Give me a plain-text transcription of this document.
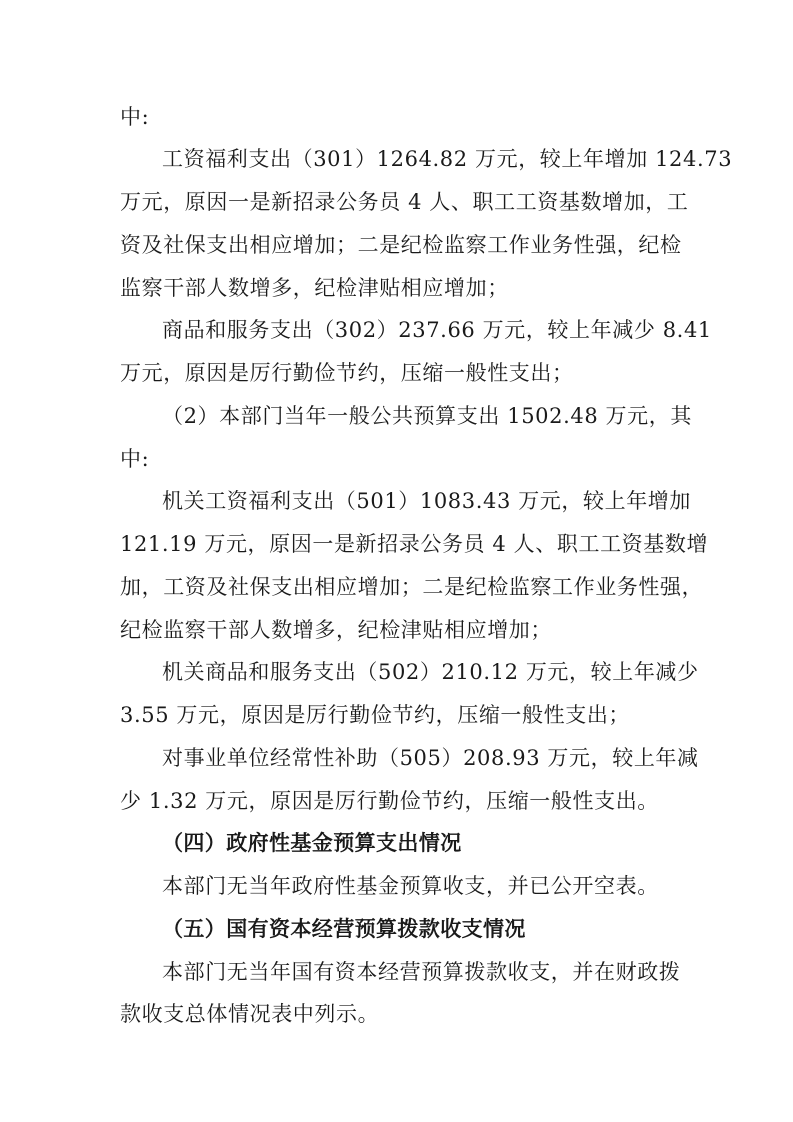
中:
工资福利支出（301）1264.82 万元，较上年增加 124.73
万元，原因一是新招录公务员 4 人、职工工资基数增加，工
资及社保支出相应增加；二是纪检监察工作业务性强，纪检
监察干部人数增多，纪检津贴相应增加；
商品和服务支出（302）237.66 万元，较上年减少 8.41
万元，原因是厉行勤俭节约，压缩一般性支出；
（2）本部门当年一般公共预算支出 1502.48 万元，其
中:
机关工资福利支出（501）1083.43 万元，较上年增加
121.19 万元，原因一是新招录公务员 4 人、职工工资基数增
加，工资及社保支出相应增加；二是纪检监察工作业务性强，
纪检监察干部人数增多，纪检津贴相应增加；
机关商品和服务支出（502）210.12 万元，较上年减少
3.55 万元，原因是厉行勤俭节约，压缩一般性支出；
对事业单位经常性补助（505）208.93 万元，较上年减
少 1.32 万元，原因是厉行勤俭节约，压缩一般性支出。
（四）政府性基金预算支出情况
本部门无当年政府性基金预算收支，并已公开空表。
（五）国有资本经营预算拨款收支情况
本部门无当年国有资本经营预算拨款收支，并在财政拨
款收支总体情况表中列示。
